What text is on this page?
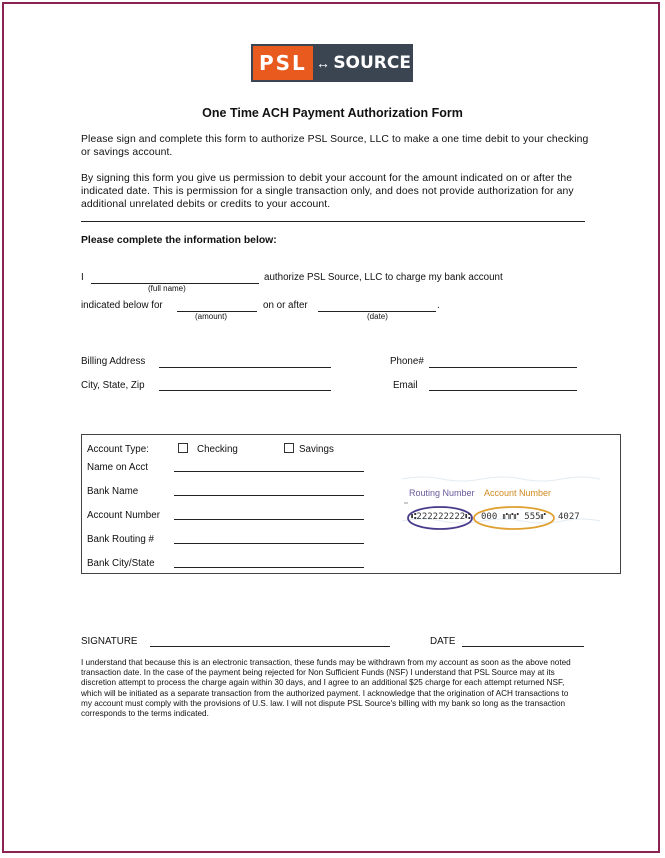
PSL ↔ SOURCE
One Time ACH Payment Authorization Form
Please sign and complete this form to authorize PSL Source, LLC to make a one time debit to your checking or savings account.
By signing this form you give us permission to debit your account for the amount indicated on or after the indicated date. This is permission for a single transaction only, and does not provide authorization for any additional unrelated debits or credits to your account.
Please complete the information below:
I	authorize PSL Source, LLC to charge my bank account
(full name)
indicated below for	on or after	.
(amount)	(date)
Billing Address	Phone#
City, State, Zip	Email
Account Type:	Checking	Savings
Name on Acct
Bank Name
Account Number
Bank Routing #
Bank City/State
Routing Number Account Number
⑆222222222⑆ 000 ⑈⑈⑈ 555⑈ 4027
SIGNATURE	DATE
I understand that because this is an electronic transaction, these funds may be withdrawn from my account as soon as the above noted transaction date. In the case of the payment being rejected for Non Sufficient Funds (NSF) I understand that PSL Source may at its discretion attempt to process the charge again within 30 days, and I agree to an additional $25 charge for each attempt returned NSF, which will be initiated as a separate transaction from the authorized payment. I acknowledge that the origination of ACH transactions to my account must comply with the provisions of U.S. law. I will not dispute PSL Source's billing with my bank so long as the transaction corresponds to the terms indicated.
